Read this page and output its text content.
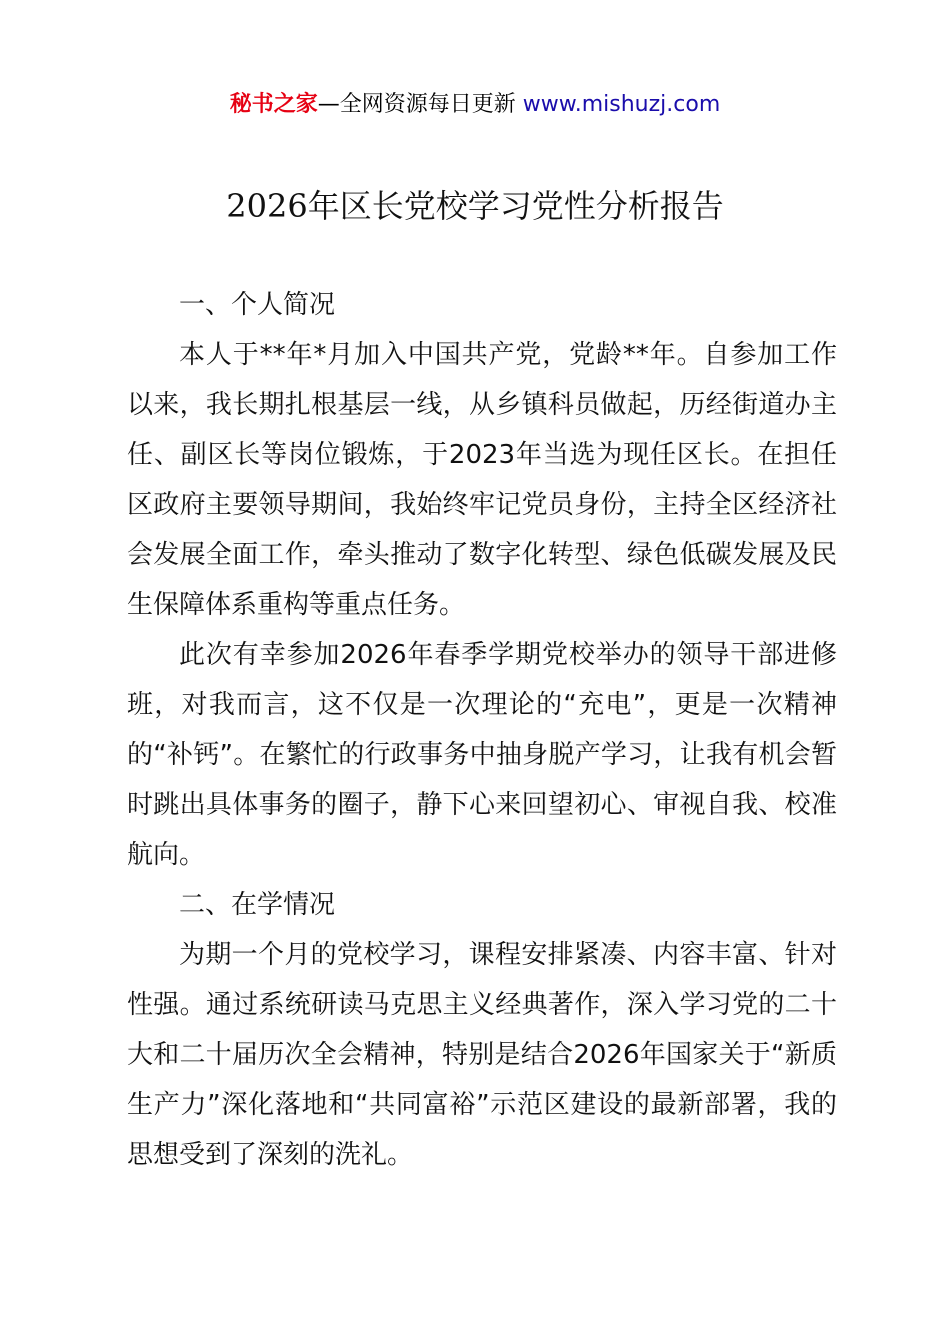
秘书之家—全网资源每日更新 www.mishuzj.com
2026年区长党校学习党性分析报告
一、个人简况

本人于**年*月加入中国共产党，党龄**年。自参加工作以来，我长期扎根基层一线，从乡镇科员做起，历经街道办主任、副区长等岗位锻炼，于2023年当选为现任区长。在担任区政府主要领导期间，我始终牢记党员身份，主持全区经济社会发展全面工作，牵头推动了数字化转型、绿色低碳发展及民生保障体系重构等重点任务。

此次有幸参加2026年春季学期党校举办的领导干部进修班，对我而言，这不仅是一次理论的“充电”，更是一次精神的“补钙”。在繁忙的行政事务中抽身脱产学习，让我有机会暂时跳出具体事务的圈子，静下心来回望初心、审视自我、校准航向。

二、在学情况

为期一个月的党校学习，课程安排紧凑、内容丰富、针对性强。通过系统研读马克思主义经典著作，深入学习党的二十大和二十届历次全会精神，特别是结合2026年国家关于“新质生产力”深化落地和“共同富裕”示范区建设的最新部署，我的思想受到了深刻的洗礼。
